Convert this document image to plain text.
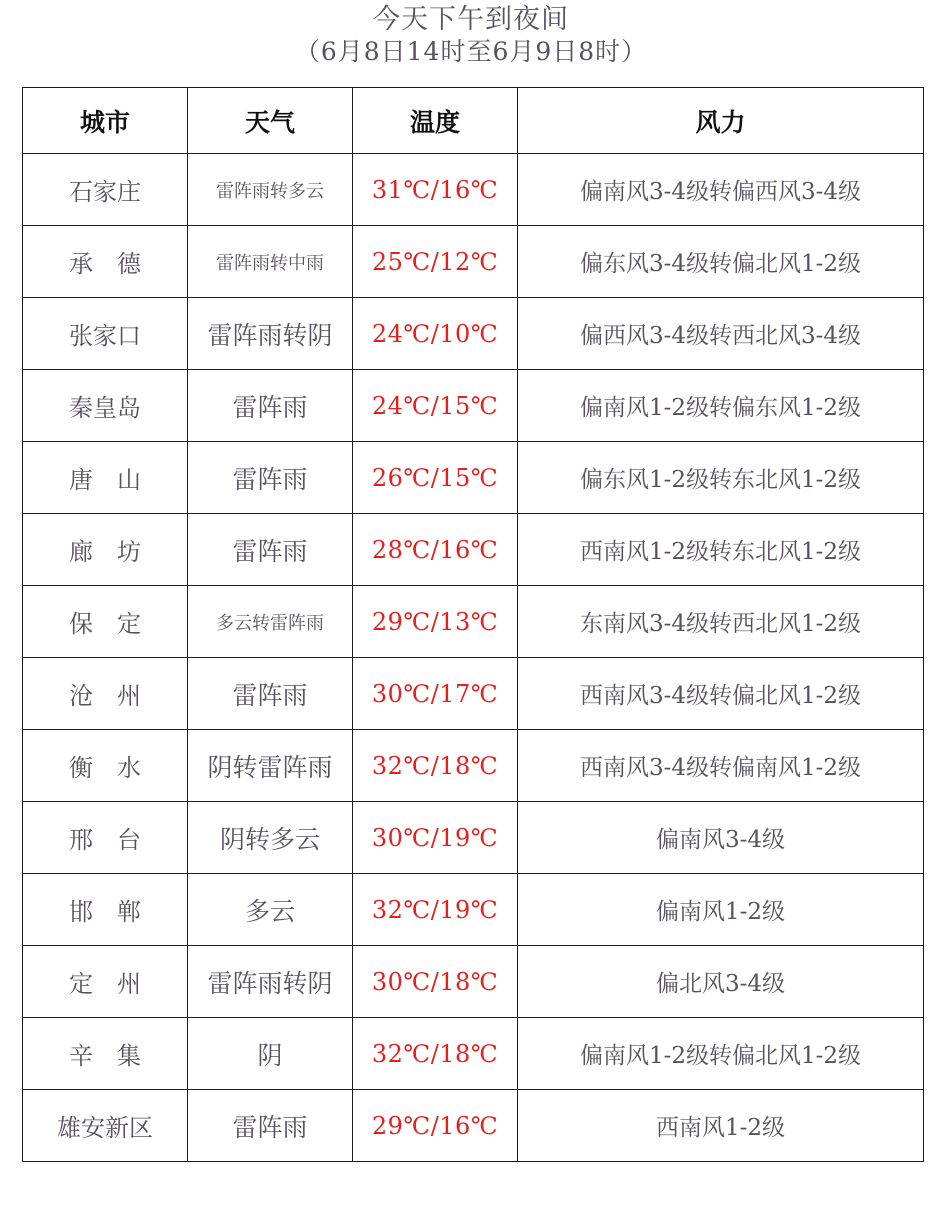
今天下午到夜间
（6月8日14时至6月9日8时）
城市	天气	温度	风力
石家庄	雷阵雨转多云	31℃/16℃	偏南风3-4级转偏西风3-4级
承　德	雷阵雨转中雨	25℃/12℃	偏东风3-4级转偏北风1-2级
张家口	雷阵雨转阴	24℃/10℃	偏西风3-4级转西北风3-4级
秦皇岛	雷阵雨	24℃/15℃	偏南风1-2级转偏东风1-2级
唐　山	雷阵雨	26℃/15℃	偏东风1-2级转东北风1-2级
廊　坊	雷阵雨	28℃/16℃	西南风1-2级转东北风1-2级
保　定	多云转雷阵雨	29℃/13℃	东南风3-4级转西北风1-2级
沧　州	雷阵雨	30℃/17℃	西南风3-4级转偏北风1-2级
衡　水	阴转雷阵雨	32℃/18℃	西南风3-4级转偏南风1-2级
邢　台	阴转多云	30℃/19℃	偏南风3-4级
邯　郸	多云	32℃/19℃	偏南风1-2级
定　州	雷阵雨转阴	30℃/18℃	偏北风3-4级
辛　集	阴	32℃/18℃	偏南风1-2级转偏北风1-2级
雄安新区	雷阵雨	29℃/16℃	西南风1-2级
